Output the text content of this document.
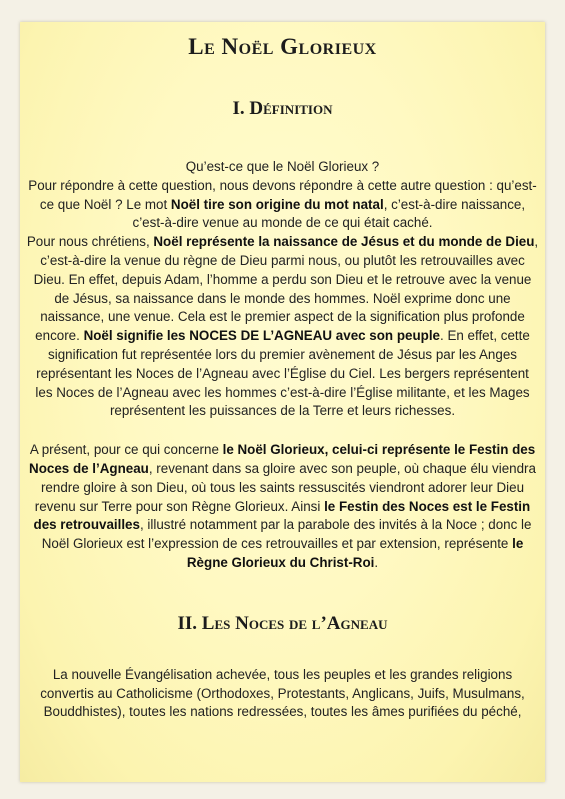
Le Noël Glorieux
I. Définition

Qu’est-ce que le Noël Glorieux ?
Pour répondre à cette question, nous devons répondre à cette autre question : qu’est-ce que Noël ? Le mot Noël tire son origine du mot natal, c’est-à-dire naissance, c’est-à-dire venue au monde de ce qui était caché.
Pour nous chrétiens, Noël représente la naissance de Jésus et du monde de Dieu, c’est-à-dire la venue du règne de Dieu parmi nous, ou plutôt les retrouvailles avec Dieu. En effet, depuis Adam, l’homme a perdu son Dieu et le retrouve avec la venue de Jésus, sa naissance dans le monde des hommes. Noël exprime donc une naissance, une venue. Cela est le premier aspect de la signification plus profonde encore. Noël signifie les NOCES DE L’AGNEAU avec son peuple. En effet, cette signification fut représentée lors du premier avènement de Jésus par les Anges représentant les Noces de l’Agneau avec l’Église du Ciel. Les bergers représentent les Noces de l’Agneau avec les hommes c’est-à-dire l’Église militante, et les Mages représentent les puissances de la Terre et leurs richesses.

A présent, pour ce qui concerne le Noël Glorieux, celui-ci représente le Festin des Noces de l’Agneau, revenant dans sa gloire avec son peuple, où chaque élu viendra rendre gloire à son Dieu, où tous les saints ressuscités viendront adorer leur Dieu revenu sur Terre pour son Règne Glorieux. Ainsi le Festin des Noces est le Festin des retrouvailles, illustré notamment par la parabole des invités à la Noce ; donc le Noël Glorieux est l’expression de ces retrouvailles et par extension, représente le Règne Glorieux du Christ-Roi.

II. Les Noces de l’Agneau

La nouvelle Évangélisation achevée, tous les peuples et les grandes religions convertis au Catholicisme (Orthodoxes, Protestants, Anglicans, Juifs, Musulmans, Bouddhistes), toutes les nations redressées, toutes les âmes purifiées du péché,
